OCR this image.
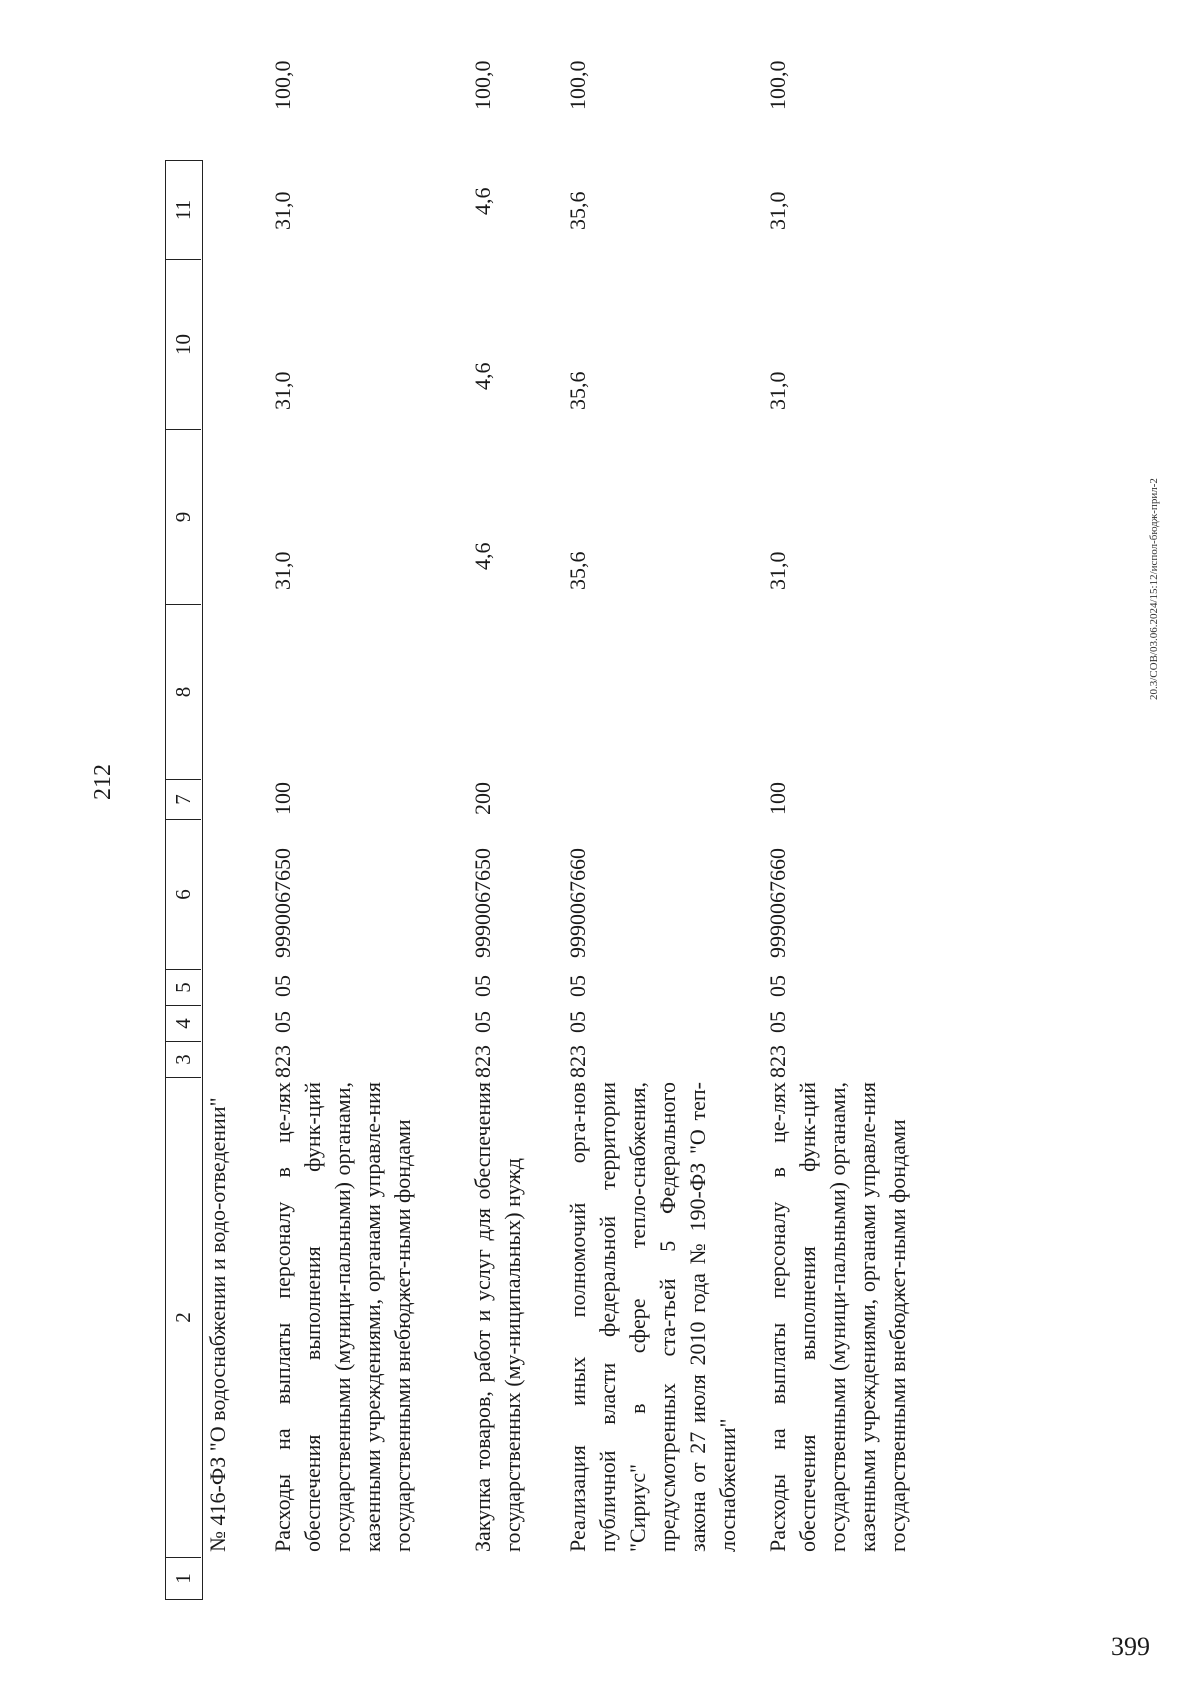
212
1
2
3
4
5
6
7
8
9
10
11
№ 416-ФЗ "О водоснабжении и водо-отведении" Расходы на выплаты персоналу в це-лях обеспечения выполнения функ-ций государственными (муници-пальными) органами, казенными учреждениями, органами управле-ния государственными внебюджет-ными фондами
823
05
05
9990067650
100
31,0
31,0
31,0
100,0
Закупка товаров, работ и услуг для обеспечения государственных (му-ниципальных) нужд
823
05
05
9990067650
200
4,6
4,6
4,6
100,0
Реализация иных полномочий орга-нов публичной власти федеральной территории "Сириус" в сфере тепло-снабжения, предусмотренных ста-тьей 5 Федерального закона от 27 июля 2010 года № 190-ФЗ "О теп-лоснабжении"
823
05
05
9990067660
35,6
35,6
35,6
100,0
Расходы на выплаты персоналу в це-лях обеспечения выполнения функ-ций государственными (муници-пальными) органами, казенными учреждениями, органами управле-ния государственными внебюджет-ными фондами
823
05
05
9990067660
100
31,0
31,0
31,0
100,0
20.3/СОВ/03.06.2024/15:12/испол-бюдж-прил-2
399
